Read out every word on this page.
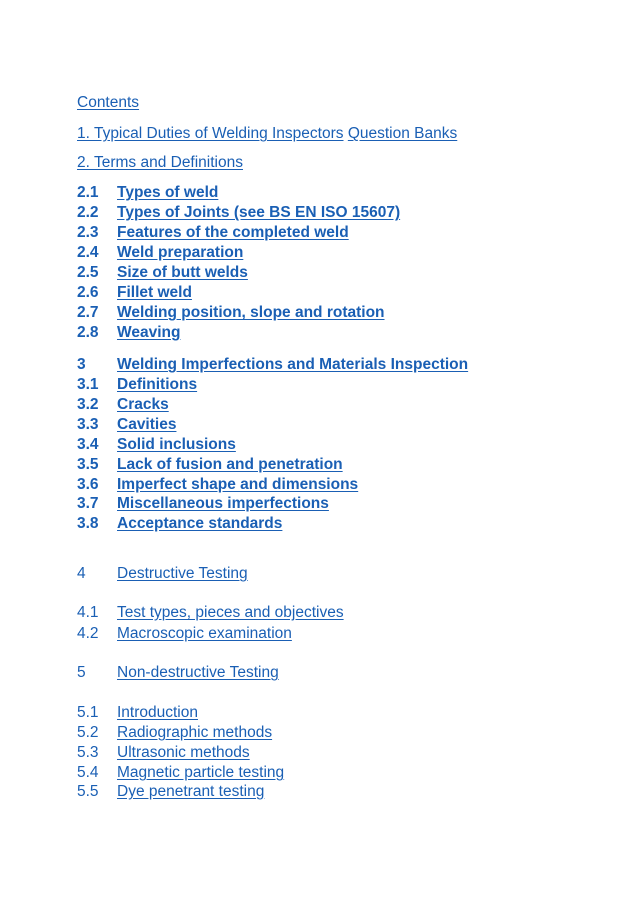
Contents
1. Typical Duties of Welding Inspectors Question Banks
2. Terms and Definitions
2.1 Types of weld
2.2 Types of Joints (see BS EN ISO 15607)
2.3 Features of the completed weld
2.4 Weld preparation
2.5 Size of butt welds
2.6 Fillet weld
2.7 Welding position, slope and rotation
2.8 Weaving
3 Welding Imperfections and Materials Inspection
3.1 Definitions
3.2 Cracks
3.3 Cavities
3.4 Solid inclusions
3.5 Lack of fusion and penetration
3.6 Imperfect shape and dimensions
3.7 Miscellaneous imperfections
3.8 Acceptance standards
4 Destructive Testing
4.1 Test types, pieces and objectives
4.2 Macroscopic examination
5 Non-destructive Testing
5.1 Introduction
5.2 Radiographic methods
5.3 Ultrasonic methods
5.4 Magnetic particle testing
5.5 Dye penetrant testing
